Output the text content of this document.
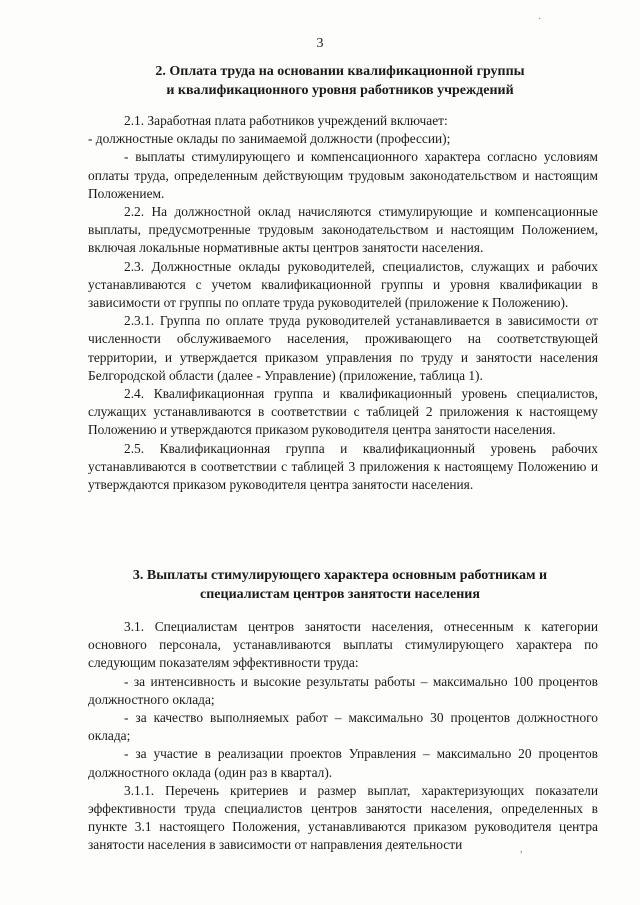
3
2. Оплата труда на основании квалификационной группы
и квалификационного уровня работников учреждений

2.1. Заработная плата работников учреждений включает:

- должностные оклады по занимаемой должности (профессии);

- выплаты стимулирующего и компенсационного характера согласно условиям оплаты труда, определенным действующим трудовым законодательством и настоящим Положением.

2.2. На должностной оклад начисляются стимулирующие и компенсационные выплаты, предусмотренные трудовым законодательством и настоящим Положением, включая локальные нормативные акты центров занятости населения.

2.3. Должностные оклады руководителей, специалистов, служащих и рабочих устанавливаются с учетом квалификационной группы и уровня квалификации в зависимости от группы по оплате труда руководителей (приложение к Положению).

2.3.1. Группа по оплате труда руководителей устанавливается в зависимости от численности обслуживаемого населения, проживающего на соответствующей территории, и утверждается приказом управления по труду и занятости населения Белгородской области (далее - Управление) (приложение, таблица 1).

2.4. Квалификационная группа и квалификационный уровень специалистов, служащих устанавливаются в соответствии с таблицей 2 приложения к настоящему Положению и утверждаются приказом руководителя центра занятости населения.

2.5. Квалификационная группа и квалификационный уровень рабочих устанавливаются в соответствии с таблицей 3 приложения к настоящему Положению и утверждаются приказом руководителя центра занятости населения.

3. Выплаты стимулирующего характера основным работникам и
специалистам центров занятости населения

3.1. Специалистам центров занятости населения, отнесенным к категории основного персонала, устанавливаются выплаты стимулирующего характера по следующим показателям эффективности труда:

- за интенсивность и высокие результаты работы – максимально 100 процентов должностного оклада;

- за качество выполняемых работ – максимально 30 процентов должностного оклада;

- за участие в реализации проектов Управления – максимально 20 процентов должностного оклада (один раз в квартал).

3.1.1. Перечень критериев и размер выплат, характеризующих показатели эффективности труда специалистов центров занятости населения, определенных в пункте 3.1 настоящего Положения, устанавливаются приказом руководителя центра занятости населения в зависимости от направления деятельности

·
,
